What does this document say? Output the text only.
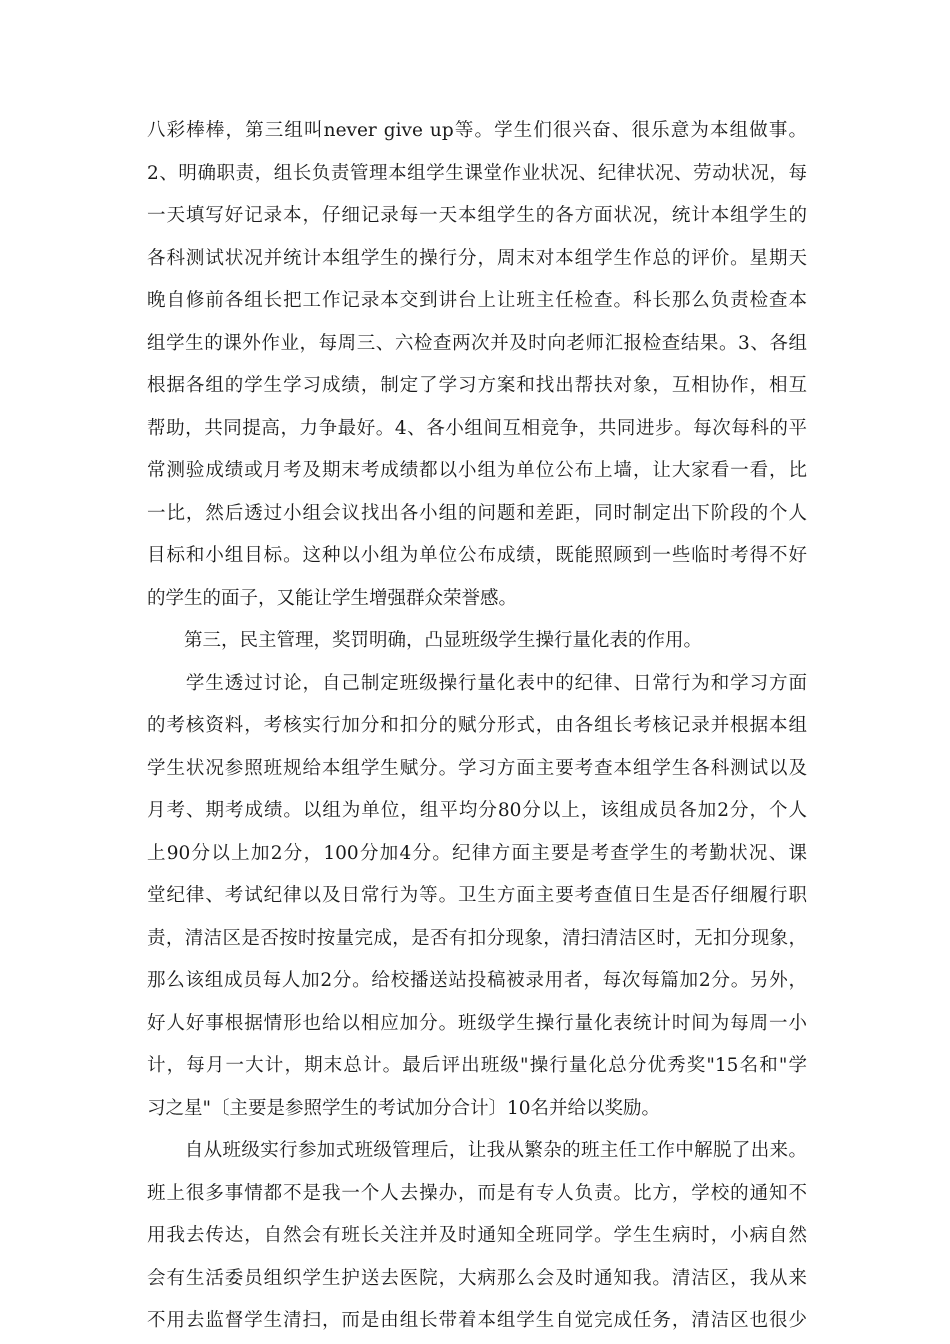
八彩棒棒，第三组叫never give up等。学生们很兴奋、很乐意为本组做事。
2、明确职责，组长负责管理本组学生课堂作业状况、纪律状况、劳动状况，每
一天填写好记录本，仔细记录每一天本组学生的各方面状况，统计本组学生的
各科测试状况并统计本组学生的操行分，周末对本组学生作总的评价。星期天
晚自修前各组长把工作记录本交到讲台上让班主任检查。科长那么负责检查本
组学生的课外作业，每周三、六检查两次并及时向老师汇报检查结果。3、各组
根据各组的学生学习成绩，制定了学习方案和找出帮扶对象，互相协作，相互
帮助，共同提高，力争最好。4、各小组间互相竞争，共同进步。每次每科的平
常测验成绩或月考及期末考成绩都以小组为单位公布上墙，让大家看一看，比
一比，然后透过小组会议找出各小组的问题和差距，同时制定出下阶段的个人
目标和小组目标。这种以小组为单位公布成绩，既能照顾到一些临时考得不好
的学生的面子，又能让学生增强群众荣誉感。
　　第三，民主管理，奖罚明确，凸显班级学生操行量化表的作用。
　　学生透过讨论，自己制定班级操行量化表中的纪律、日常行为和学习方面
的考核资料，考核实行加分和扣分的赋分形式，由各组长考核记录并根据本组
学生状况参照班规给本组学生赋分。学习方面主要考查本组学生各科测试以及
月考、期考成绩。以组为单位，组平均分80分以上，该组成员各加2分，个人
上90分以上加2分，100分加4分。纪律方面主要是考查学生的考勤状况、课
堂纪律、考试纪律以及日常行为等。卫生方面主要考查值日生是否仔细履行职
责，清洁区是否按时按量完成，是否有扣分现象，清扫清洁区时，无扣分现象，
那么该组成员每人加2分。给校播送站投稿被录用者，每次每篇加2分。另外，
好人好事根据情形也给以相应加分。班级学生操行量化表统计时间为每周一小
计，每月一大计，期末总计。最后评出班级"操行量化总分优秀奖"15名和"学
习之星"〔主要是参照学生的考试加分合计〕10名并给以奖励。
　　自从班级实行参加式班级管理后，让我从繁杂的班主任工作中解脱了出来。
班上很多事情都不是我一个人去操办，而是有专人负责。比方，学校的通知不
用我去传达，自然会有班长关注并及时通知全班同学。学生生病时，小病自然
会有生活委员组织学生护送去医院，大病那么会及时通知我。清洁区，我从来
不用去监督学生清扫，而是由组长带着本组学生自觉完成任务，清洁区也很少
